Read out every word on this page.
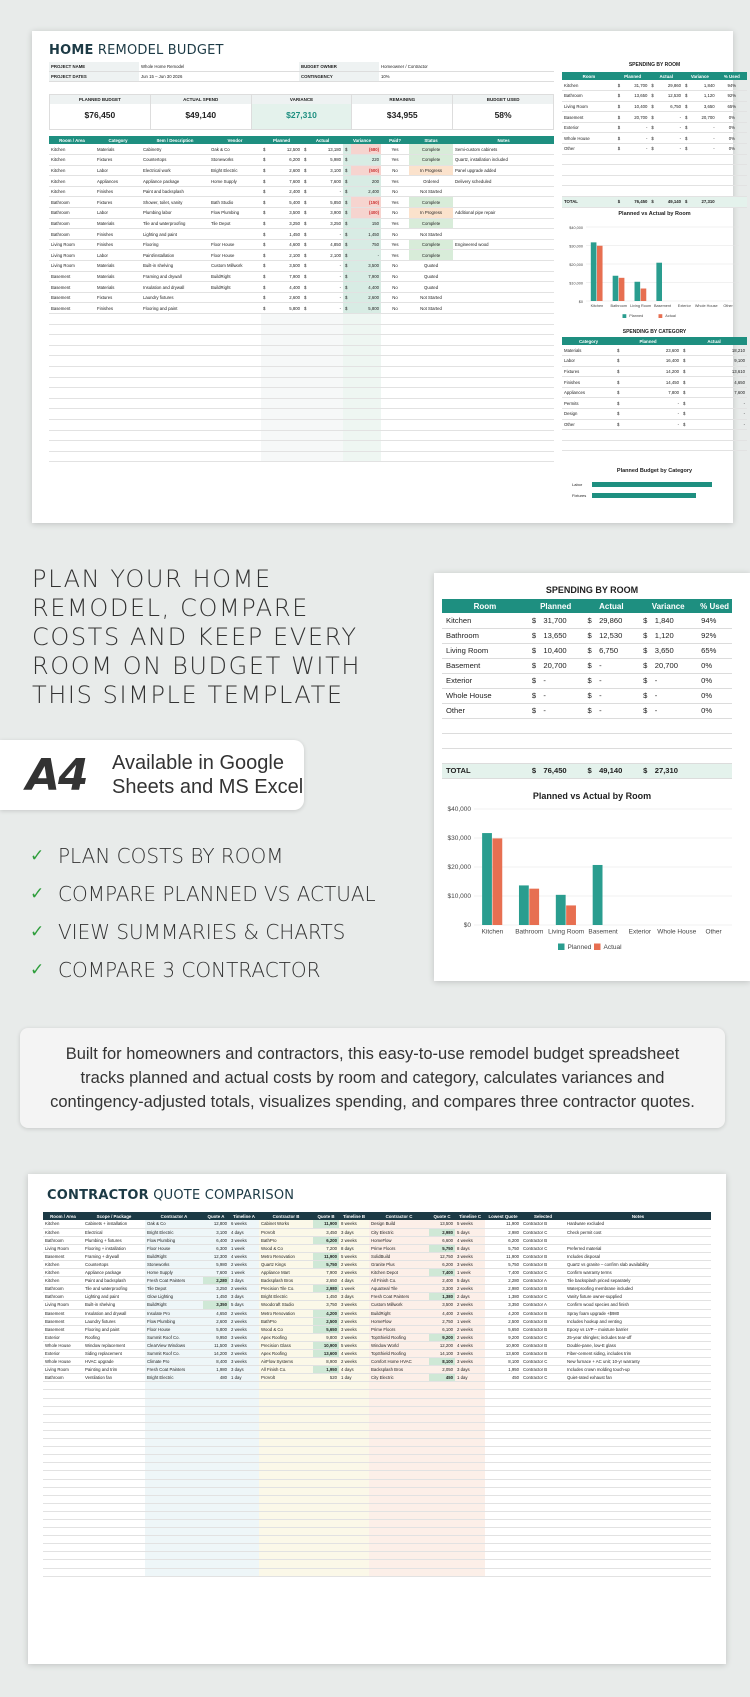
HOME REMODEL BUDGET
PROJECT NAME	Whole Home Remodel	BUDGET OWNER	Homeowner / Contractor
PROJECT DATES	Jun 15 – Jun 30 2026	CONTINGENCY	10%
PLANNED BUDGET
$76,450
ACTUAL SPEND
$49,140
VARIANCE
$27,310
REMAINING
$34,955
BUDGET USED
58%
Room / Area	Category	Item / Description	Vendor	Planned		Actual		Variance		Paid?	Status	Notes
Kitchen	Materials	Cabinetry	Oak & Co	$	12,500	$	13,180	$	(680)	Yes	Complete	Semi-custom cabinets
Kitchen	Fixtures	Countertops	Stoneworks	$	6,200	$	5,980	$	220	Yes	Complete	Quartz, installation included
Kitchen	Labor	Electrical work	Bright Electric	$	2,600	$	3,100	$	(500)	No	In Progress	Panel upgrade added
Kitchen	Appliances	Appliance package	Home Supply	$	7,600	$	7,600	$	200	Yes	Ordered	Delivery scheduled
Kitchen	Finishes	Paint and backsplash		$	2,400	$	-	$	2,400	No	Not Started	
Bathroom	Fixtures	Shower, toilet, vanity	Bath Studio	$	5,400	$	5,850	$	(150)	Yes	Complete	
Bathroom	Labor	Plumbing labor	Flow Plumbing	$	3,500	$	3,900	$	(400)	No	In Progress	Additional pipe repair
Bathroom	Materials	Tile and waterproofing	Tile Depot	$	3,250	$	3,250	$	150	Yes	Complete	
Bathroom	Finishes	Lighting and paint		$	1,450	$	-	$	1,450	No	Not Started	
Living Room	Finishes	Flooring	Floor House	$	4,600	$	4,850	$	750	Yes	Complete	Engineered wood
Living Room	Labor	Paint/installation	Floor House	$	2,100	$	2,100	$	-	Yes	Complete	
Living Room	Materials	Built-in shelving	Custom Millwork	$	3,500	$	-	$	3,500	No	Quoted	
Basement	Materials	Framing and drywall	BuildRight	$	7,900	$	-	$	7,900	No	Quoted	
Basement	Materials	Insulation and drywall	BuildRight	$	4,400	$	-	$	4,400	No	Quoted	
Basement	Fixtures	Laundry fixtures		$	2,600	$	-	$	2,600	No	Not Started	
Basement	Finishes	Flooring and paint		$	5,800	$	-	$	5,800	No	Not Started	

SPENDING BY ROOM
Room	Planned		Actual		Variance		% Used
Kitchen	$	31,700	$	29,860	$	1,840	94%
Bathroom	$	13,650	$	12,530	$	1,120	92%
Living Room	$	10,400	$	6,750	$	3,650	65%
Basement	$	20,700	$	-	$	20,700	0%
Exterior	$	-	$	-	$	-	0%
Whole House	$	-	$	-	$	-	0%
Other	$	-	$	-	$	-	0%

TOTAL	$	76,450	$	49,140	$	27,310	
Planned vs Actual by Room
$0
$10,000
$20,000
$30,000
$40,000
Kitchen Bathroom Living Room Basement Exterior Whole House Other
Planned	Actual
SPENDING BY CATEGORY
Category	Planned		Actual	
Materials	$	23,600	$	18,210
Labor	$	16,400	$	9,100
Fixtures	$	14,200	$	13,610
Finishes	$	14,450	$	4,650
Appliances	$	7,800	$	7,600
Permits	$	-	$	-
Design	$	-	$	-
Other	$	-	$	-

Planned Budget by Category
Labor
Fixtures
PLAN YOUR HOME
REMODEL, COMPARE
COSTS AND KEEP EVERY
ROOM ON BUDGET WITH
THIS SIMPLE TEMPLATE
A4	Available in Google
Sheets and MS Excel
✓ PLAN COSTS BY ROOM
✓ COMPARE PLANNED VS ACTUAL
✓ VIEW SUMMARIES & CHARTS
✓ COMPARE 3 CONTRACTOR
SPENDING BY ROOM
Room	Planned		Actual		Variance		% Used
Kitchen	$	31,700	$	29,860	$	1,840	94%
Bathroom	$	13,650	$	12,530	$	1,120	92%
Living Room	$	10,400	$	6,750	$	3,650	65%
Basement	$	20,700	$	-	$	20,700	0%
Exterior	$	-	$	-	$	-	0%
Whole House	$	-	$	-	$	-	0%
Other	$	-	$	-	$	-	0%

TOTAL	$	76,450	$	49,140	$	27,310	
Planned vs Actual by Room
$0
$10,000
$20,000
$30,000
$40,000
Kitchen Bathroom Living Room Basement Exterior Whole House Other
Planned Actual
Built for homeowners and contractors, this easy-to-use remodel budget spreadsheet tracks planned and actual costs by room and category, calculates variances and contingency-adjusted totals, visualizes spending, and compares three contractor quotes.
CONTRACTOR QUOTE COMPARISON
Room / Area	Scope / Package	Contractor A	Quote A	Timeline A	Contractor B	Quote B	Timeline B	Contractor C	Quote C	Timeline C	Lowest Quote	Selected	Notes
Kitchen	Cabinets + installation	Oak & Co	12,800	6 weeks	Cabinet Works	11,900	8 weeks	Design Build	13,500	5 weeks	11,900	Contractor B	Hardware excluded
Kitchen	Electrical	Bright Electric	3,100	4 days	ProVolt	3,450	3 days	City Electric	2,980	5 days	2,980	Contractor C	Check permit cost
Bathroom	Plumbing + fixtures	Flow Plumbing	6,400	3 weeks	BathPro	6,200	2 weeks	HomeFlow	6,600	4 weeks	6,200	Contractor B	
Living Room	Flooring + installation	Floor House	6,300	1 week	Wood & Co	7,200	8 days	Prime Floors	5,750	8 days	5,750	Contractor C	Preferred material
Basement	Framing + drywall	BuildRight	12,300	4 weeks	Metro Renovation	11,900	5 weeks	SolidBuild	12,750	3 weeks	11,900	Contractor B	Includes disposal
Kitchen	Countertops	Stoneworks	5,980	2 weeks	Quartz Kings	5,750	2 weeks	Granite Plus	6,200	3 weeks	5,750	Contractor B	Quartz vs granite – confirm slab availability
Kitchen	Appliance package	Home Supply	7,600	1 week	Appliance Mart	7,900	2 weeks	Kitchen Depot	7,400	1 week	7,400	Contractor C	Confirm warranty terms
Kitchen	Paint and backsplash	Fresh Coat Painters	2,280	3 days	Backsplash Bros	2,650	4 days	All Finish Co.	2,400	5 days	2,280	Contractor A	Tile backsplash priced separately
Bathroom	Tile and waterproofing	Tile Depot	3,250	2 weeks	Precision Tile Co.	2,980	1 week	AquaSeal Tile	3,300	2 weeks	2,980	Contractor B	Waterproofing membrane included
Bathroom	Lighting and paint	Glow Lighting	1,450	3 days	Bright Electric	1,450	3 days	Fresh Coat Painters	1,380	2 days	1,380	Contractor C	Vanity fixture owner-supplied
Living Room	Built-in shelving	BuildRight	3,350	5 days	Woodcraft Studio	3,750	3 weeks	Custom Millwork	3,500	2 weeks	3,350	Contractor A	Confirm wood species and finish
Basement	Insulation and drywall	Insulate Pro	4,650	2 weeks	Metro Renovation	4,200	2 weeks	BuildRight	4,400	2 weeks	4,200	Contractor B	Spray foam upgrade +$980
Basement	Laundry fixtures	Flow Plumbing	2,600	2 weeks	BathPro	2,500	2 weeks	HomeFlow	2,750	1 week	2,500	Contractor B	Includes hookup and venting
Basement	Flooring and paint	Floor House	5,800	2 weeks	Wood & Co	5,650	3 weeks	Prime Floors	6,100	2 weeks	5,650	Contractor B	Epoxy vs LVP – moisture barrier
Exterior	Roofing	Summit Roof Co.	9,950	3 weeks	Apex Roofing	9,800	2 weeks	TopShield Roofing	9,200	2 weeks	9,200	Contractor C	25-year shingles; includes tear-off
Whole House	Window replacement	ClearView Windows	11,500	3 weeks	Precision Glass	10,900	5 weeks	Window World	12,200	4 weeks	10,900	Contractor B	Double-pane, low-E glass
Exterior	Siding replacement	Summit Roof Co.	14,200	2 weeks	Apex Roofing	13,600	4 weeks	TopShield Roofing	14,100	3 weeks	13,600	Contractor B	Fiber-cement siding, includes trim
Whole House	HVAC upgrade	Climate Pro	8,400	3 weeks	AirFlow Systems	8,900	2 weeks	Comfort Home HVAC	8,100	3 weeks	8,100	Contractor C	New furnace + AC unit; 10-yr warranty
Living Room	Painting and trim	Fresh Coat Painters	1,980	3 days	All Finish Co.	1,950	4 days	Backsplash Bros	2,050	3 days	1,950	Contractor B	Includes crown molding touch-up
Bathroom	Ventilation fan	Bright Electric	480	1 day	ProVolt	520	1 day	City Electric	450	1 day	450	Contractor C	Quiet-rated exhaust fan
